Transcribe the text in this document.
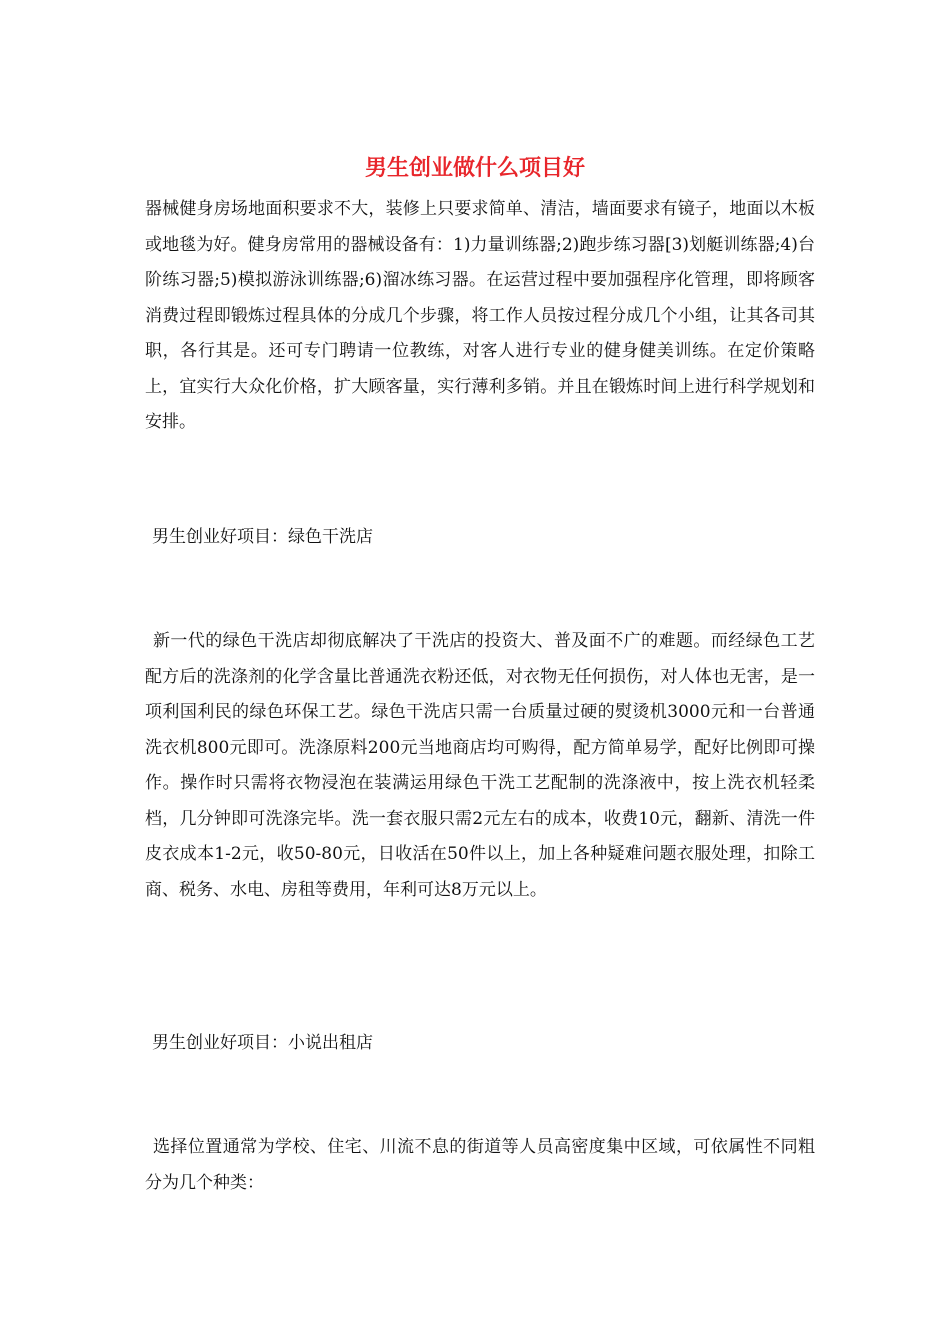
男生创业做什么项目好

器械健身房场地面积要求不大，装修上只要求简单、清洁，墙面要求有镜子，地面以木板或地毯为好。健身房常用的器械设备有：1)力量训练器;2)跑步练习器[3)划艇训练器;4)台阶练习器;5)模拟游泳训练器;6)溜冰练习器。在运营过程中要加强程序化管理，即将顾客消费过程即锻炼过程具体的分成几个步骤，将工作人员按过程分成几个小组，让其各司其职，各行其是。还可专门聘请一位教练，对客人进行专业的健身健美训练。在定价策略上，宜实行大众化价格，扩大顾客量，实行薄利多销。并且在锻炼时间上进行科学规划和安排。

男生创业好项目：绿色干洗店

新一代的绿色干洗店却彻底解决了干洗店的投资大、普及面不广的难题。而经绿色工艺配方后的洗涤剂的化学含量比普通洗衣粉还低，对衣物无任何损伤，对人体也无害，是一项利国利民的绿色环保工艺。绿色干洗店只需一台质量过硬的熨烫机3000元和一台普通洗衣机800元即可。洗涤原料200元当地商店均可购得，配方简单易学，配好比例即可操作。操作时只需将衣物浸泡在装满运用绿色干洗工艺配制的洗涤液中，按上洗衣机轻柔档，几分钟即可洗涤完毕。洗一套衣服只需2元左右的成本，收费10元，翻新、清洗一件皮衣成本1-2元，收50-80元，日收活在50件以上，加上各种疑难问题衣服处理，扣除工商、税务、水电、房租等费用，年利可达8万元以上。

男生创业好项目：小说出租店

选择位置通常为学校、住宅、川流不息的街道等人员高密度集中区域，可依属性不同粗分为几个种类：
